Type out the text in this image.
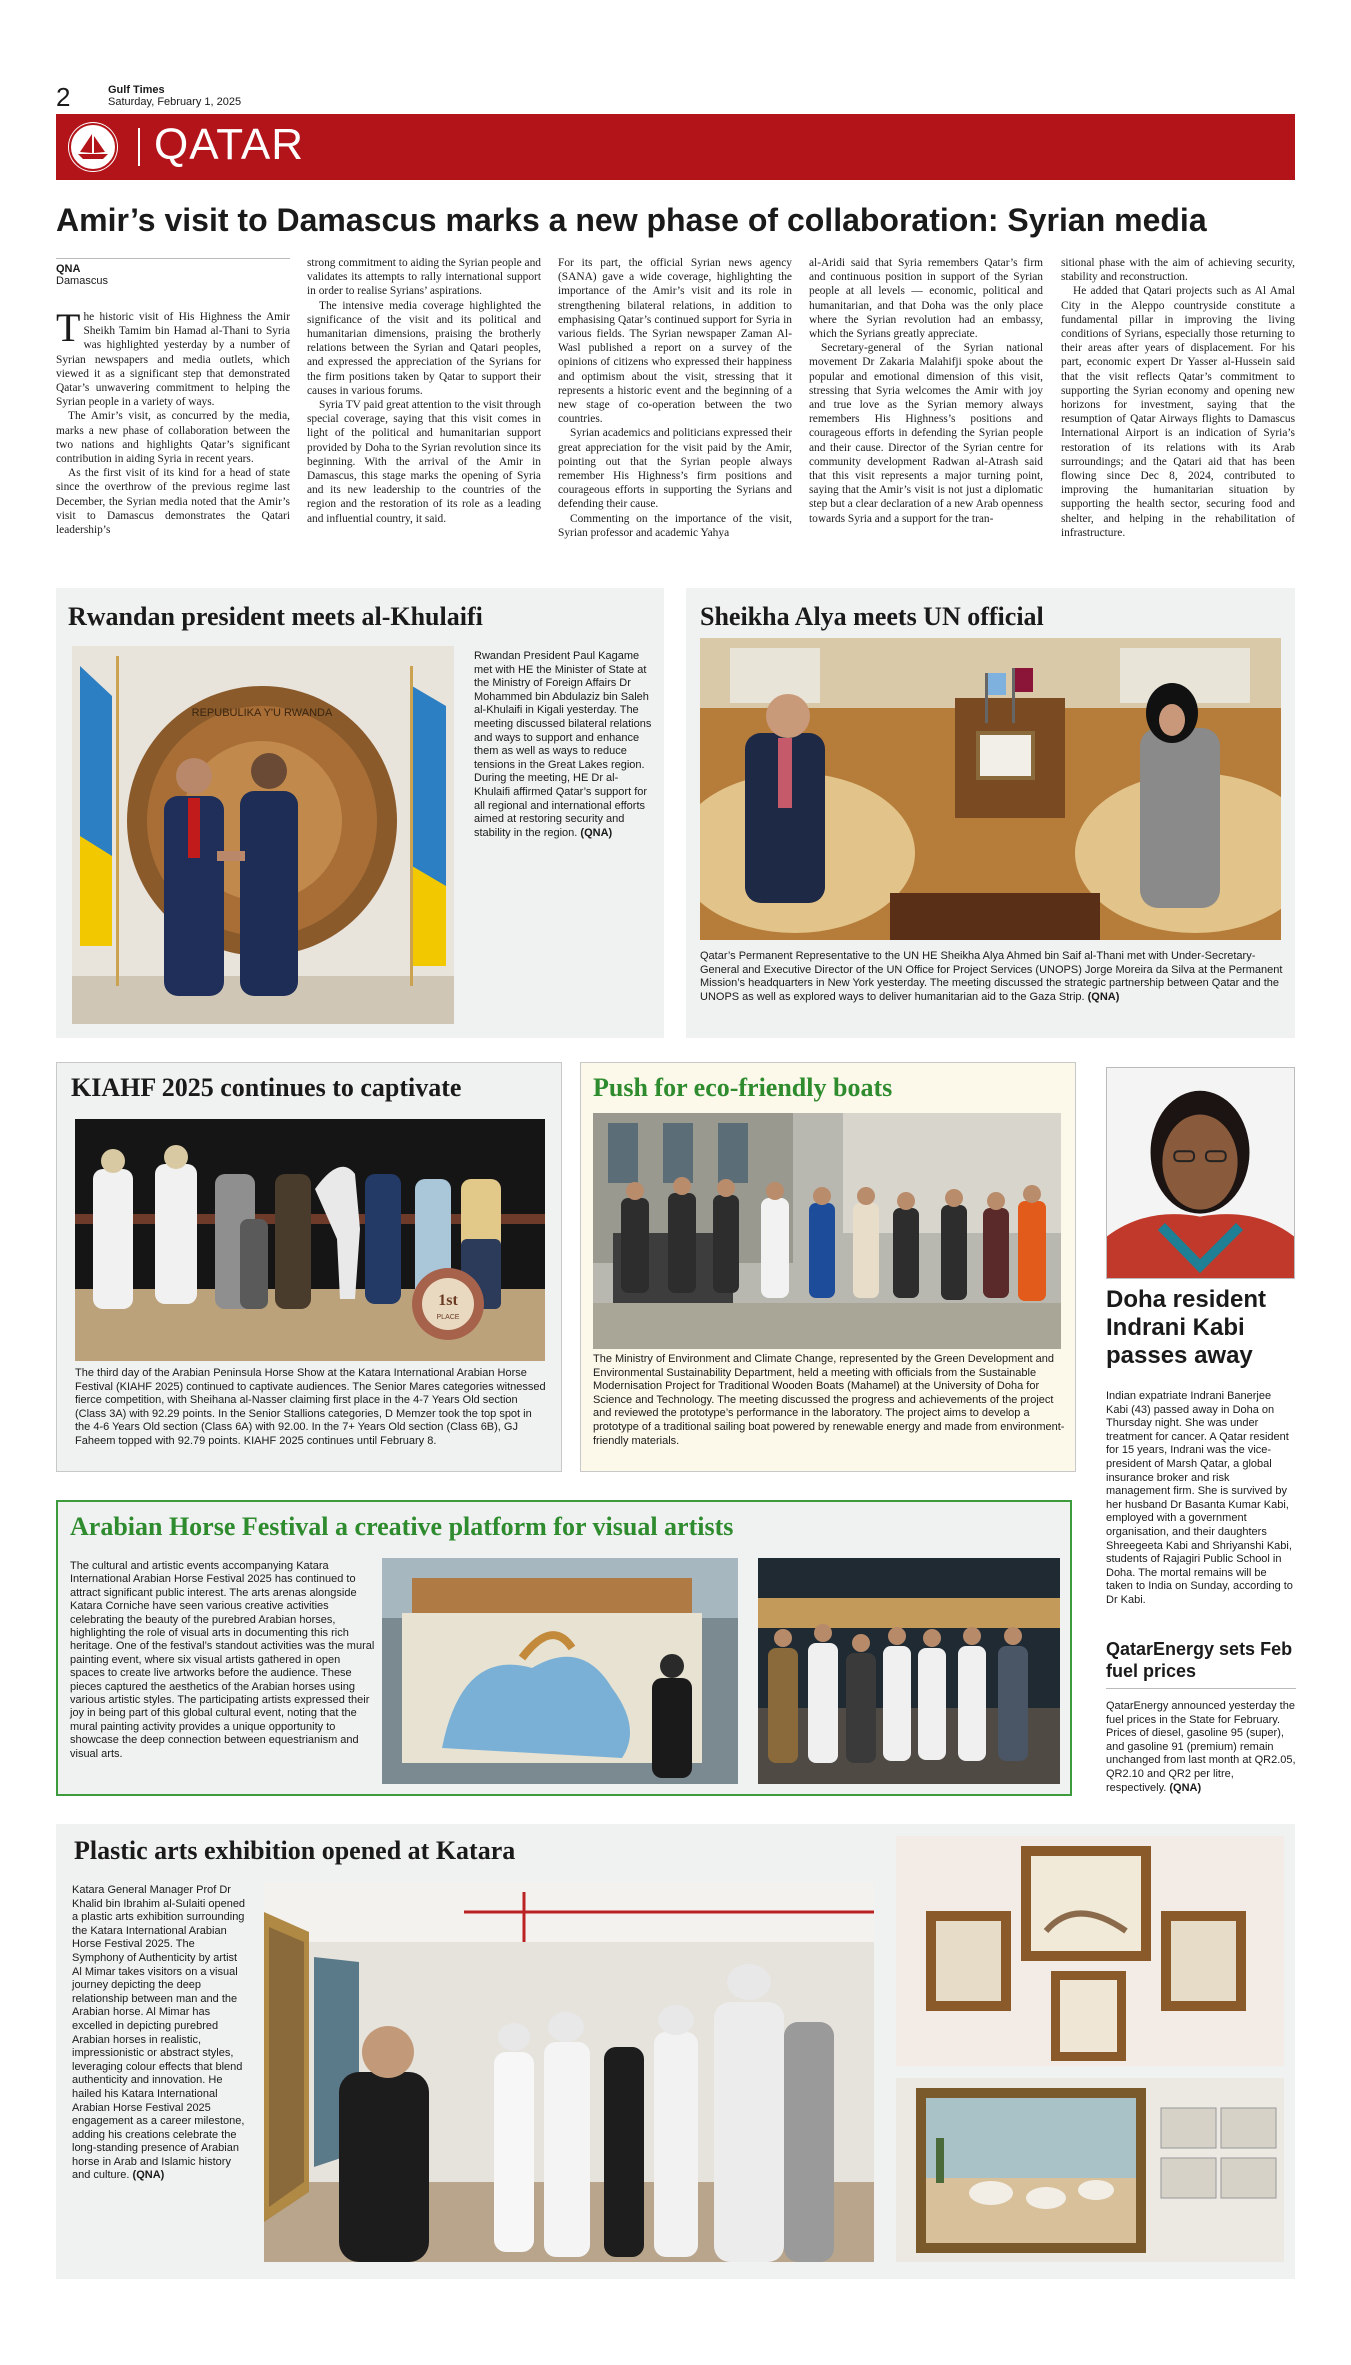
2	Gulf Times
Saturday, February 1, 2025
QATAR
Amir’s visit to Damascus marks a new phase of collaboration: Syrian media
QNA
Damascus

The historic visit of His Highness the Amir Sheikh Tamim bin Hamad al-Thani to Syria was highlighted yesterday by a number of Syrian newspapers and media outlets, which viewed it as a significant step that demonstrated Qatar’s unwavering commitment to helping the Syrian people in a variety of ways.

The Amir’s visit, as concurred by the media, marks a new phase of collaboration between the two nations and highlights Qatar’s significant contribution in aiding Syria in recent years.

As the first visit of its kind for a head of state since the overthrow of the previous regime last December, the Syrian media noted that the Amir’s visit to Damascus demonstrates the Qatari leadership’s

strong commitment to aiding the Syrian people and validates its attempts to rally international support in order to realise Syrians’ aspirations.

The intensive media coverage highlighted the significance of the visit and its political and humanitarian dimensions, praising the brotherly relations between the Syrian and Qatari peoples, and expressed the appreciation of the Syrians for the firm positions taken by Qatar to support their causes in various forums.

Syria TV paid great attention to the visit through special coverage, saying that this visit comes in light of the political and humanitarian support provided by Doha to the Syrian revolution since its beginning. With the arrival of the Amir in Damascus, this stage marks the opening of Syria and its new leadership to the countries of the region and the restoration of its role as a leading and influential country, it said.

For its part, the official Syrian news agency (SANA) gave a wide coverage, highlighting the importance of the Amir’s visit and its role in strengthening bilateral relations, in addition to emphasising Qatar’s continued support for Syria in various fields. The Syrian newspaper Zaman Al-Wasl published a report on a survey of the opinions of citizens who expressed their happiness and optimism about the visit, stressing that it represents a historic event and the beginning of a new stage of co-operation between the two countries.

Syrian academics and politicians expressed their great appreciation for the visit paid by the Amir, pointing out that the Syrian people always remember His Highness’s firm positions and courageous efforts in supporting the Syrians and defending their cause.

Commenting on the importance of the visit, Syrian professor and academic Yahya

al-Aridi said that Syria remembers Qatar’s firm and continuous position in support of the Syrian people at all levels — economic, political and humanitarian, and that Doha was the only place where the Syrian revolution had an embassy, which the Syrians greatly appreciate.

Secretary-general of the Syrian national movement Dr Zakaria Malahifji spoke about the popular and emotional dimension of this visit, stressing that Syria welcomes the Amir with joy and true love as the Syrian memory always remembers His Highness’s positions and courageous efforts in defending the Syrian people and their cause. Director of the Syrian centre for community development Radwan al-Atrash said that this visit represents a major turning point, saying that the Amir’s visit is not just a diplomatic step but a clear declaration of a new Arab openness towards Syria and a support for the tran-

sitional phase with the aim of achieving security, stability and reconstruction.

He added that Qatari projects such as Al Amal City in the Aleppo countryside constitute a fundamental pillar in improving the living conditions of Syrians, especially those returning to their areas after years of displacement. For his part, economic expert Dr Yasser al-Hussein said that the visit reflects Qatar’s commitment to supporting the Syrian economy and opening new horizons for investment, saying that the resumption of Qatar Airways flights to Damascus International Airport is an indication of Syria’s restoration of its relations with its Arab surroundings; and the Qatari aid that has been flowing since Dec 8, 2024, contributed to improving the humanitarian situation by supporting the health sector, securing food and shelter, and helping in the rehabilitation of infrastructure.

Rwandan president meets al-Khulaifi
REPUBULIKA Y'U RWANDA
Rwandan President Paul Kagame met with HE the Minister of State at the Ministry of Foreign Affairs Dr Mohammed bin Abdulaziz bin Saleh al-Khulaifi in Kigali yesterday. The meeting discussed bilateral relations and ways to support and enhance them as well as ways to reduce tensions in the Great Lakes region. During the meeting, HE Dr al-Khulaifi affirmed Qatar’s support for all regional and international efforts aimed at restoring security and stability in the region. (QNA)
Sheikha Alya meets UN official
Qatar’s Permanent Representative to the UN HE Sheikha Alya Ahmed bin Saif al-Thani met with Under-Secretary-General and Executive Director of the UN Office for Project Services (UNOPS) Jorge Moreira da Silva at the Permanent Mission’s headquarters in New York yesterday. The meeting discussed the strategic partnership between Qatar and the UNOPS as well as explored ways to deliver humanitarian aid to the Gaza Strip. (QNA)
KIAHF 2025 continues to captivate
1st
PLACE
The third day of the Arabian Peninsula Horse Show at the Katara International Arabian Horse Festival (KIAHF 2025) continued to captivate audiences. The Senior Mares categories witnessed fierce competition, with Sheihana al-Nasser claiming first place in the 4-7 Years Old section (Class 3A) with 92.29 points. In the Senior Stallions categories, D Memzer took the top spot in the 4-6 Years Old section (Class 6A) with 92.00. In the 7+ Years Old section (Class 6B), GJ Faheem topped with 92.79 points. KIAHF 2025 continues until February 8.
Push for eco-friendly boats
The Ministry of Environment and Climate Change, represented by the Green Development and Environmental Sustainability Department, held a meeting with officials from the Sustainable Modernisation Project for Traditional Wooden Boats (Mahamel) at the University of Doha for Science and Technology. The meeting discussed the progress and achievements of the project and reviewed the prototype’s performance in the laboratory. The project aims to develop a prototype of a traditional sailing boat powered by renewable energy and made from environment-friendly materials.
Doha resident Indrani Kabi passes away
Indian expatriate Indrani Banerjee Kabi (43) passed away in Doha on Thursday night. She was under treatment for cancer. A Qatar resident for 15 years, Indrani was the vice-president of Marsh Qatar, a global insurance broker and risk management firm. She is survived by her husband Dr Basanta Kumar Kabi, employed with a government organisation, and their daughters Shreegeeta Kabi and Shriyanshi Kabi, students of Rajagiri Public School in Doha. The mortal remains will be taken to India on Sunday, according to Dr Kabi.
QatarEnergy sets Feb fuel prices
QatarEnergy announced yesterday the fuel prices in the State for February. Prices of diesel, gasoline 95 (super), and gasoline 91 (premium) remain unchanged from last month at QR2.05, QR2.10 and QR2 per litre, respectively. (QNA)
Arabian Horse Festival a creative platform for visual artists
The cultural and artistic events accompanying Katara International Arabian Horse Festival 2025 has continued to attract significant public interest. The arts arenas alongside Katara Corniche have seen various creative activities celebrating the beauty of the purebred Arabian horses, highlighting the role of visual arts in documenting this rich heritage. One of the festival’s standout activities was the mural painting event, where six visual artists gathered in open spaces to create live artworks before the audience. These pieces captured the aesthetics of the Arabian horses using various artistic styles. The participating artists expressed their joy in being part of this global cultural event, noting that the mural painting activity provides a unique opportunity to showcase the deep connection between equestrianism and visual arts.
Plastic arts exhibition opened at Katara
Katara General Manager Prof Dr Khalid bin Ibrahim al-Sulaiti opened a plastic arts exhibition surrounding the Katara International Arabian Horse Festival 2025. The Symphony of Authenticity by artist Al Mimar takes visitors on a visual journey depicting the deep relationship between man and the Arabian horse. Al Mimar has excelled in depicting purebred Arabian horses in realistic, impressionistic or abstract styles, leveraging colour effects that blend authenticity and innovation. He hailed his Katara International Arabian Horse Festival 2025 engagement as a career milestone, adding his creations celebrate the long-standing presence of Arabian horse in Arab and Islamic history and culture. (QNA)
